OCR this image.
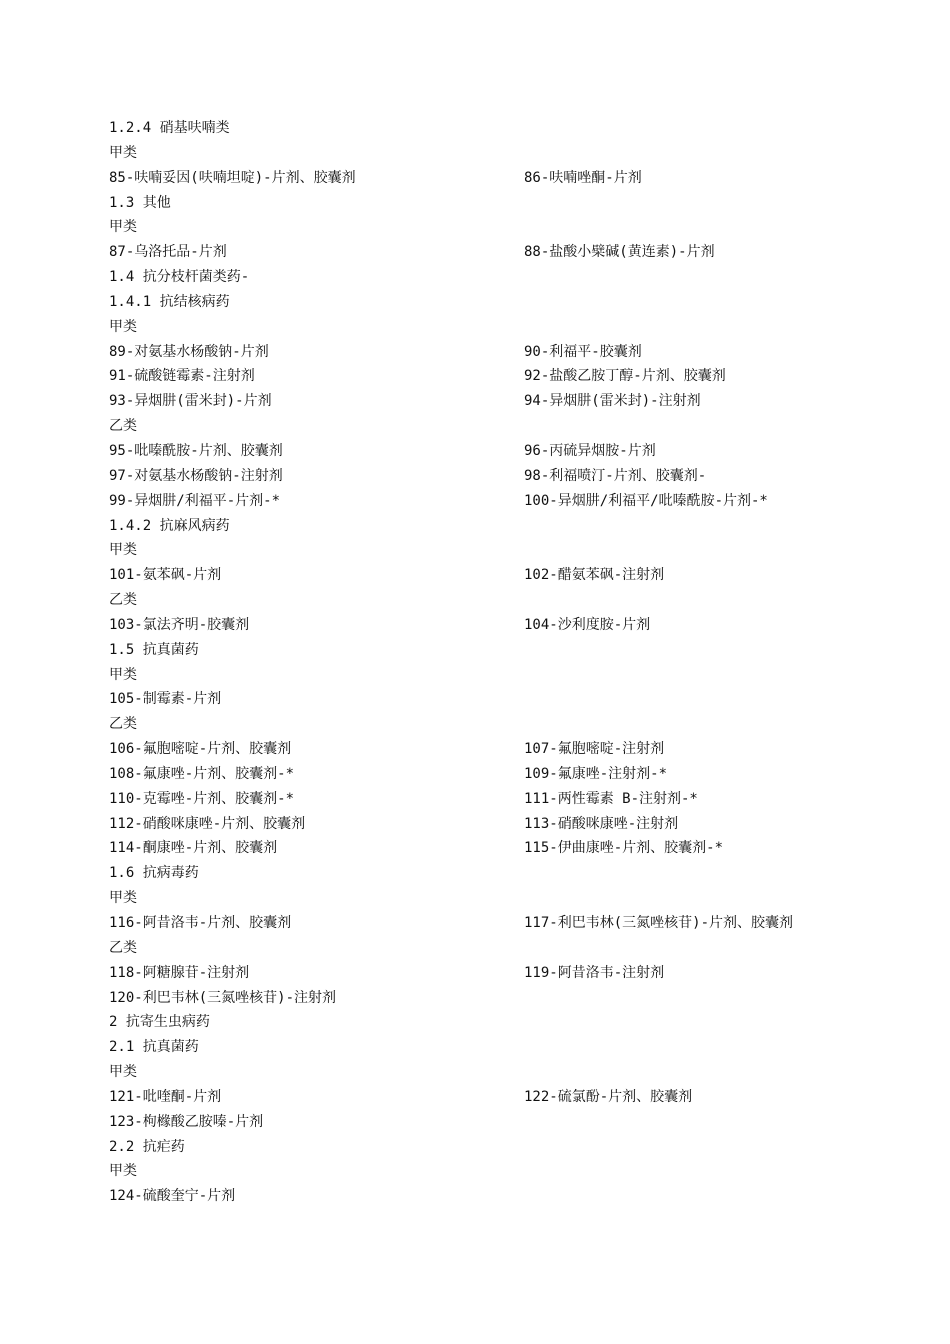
1.2.4 硝基呋喃类
甲类
85-呋喃妥因(呋喃坦啶)-片剂、胶囊剂	86-呋喃唑酮-片剂
1.3 其他
甲类
87-乌洛托品-片剂	88-盐酸小檗碱(黄连素)-片剂
1.4 抗分枝杆菌类药-
1.4.1 抗结核病药
甲类
89-对氨基水杨酸钠-片剂	90-利福平-胶囊剂
91-硫酸链霉素-注射剂	92-盐酸乙胺丁醇-片剂、胶囊剂
93-异烟肼(雷米封)-片剂	94-异烟肼(雷米封)-注射剂
乙类
95-吡嗪酰胺-片剂、胶囊剂	96-丙硫异烟胺-片剂
97-对氨基水杨酸钠-注射剂	98-利福喷汀-片剂、胶囊剂-
99-异烟肼/利福平-片剂-*	100-异烟肼/利福平/吡嗪酰胺-片剂-*
1.4.2 抗麻风病药
甲类
101-氨苯砜-片剂	102-醋氨苯砜-注射剂
乙类
103-氯法齐明-胶囊剂	104-沙利度胺-片剂
1.5 抗真菌药
甲类
105-制霉素-片剂
乙类
106-氟胞嘧啶-片剂、胶囊剂	107-氟胞嘧啶-注射剂
108-氟康唑-片剂、胶囊剂-*	109-氟康唑-注射剂-*
110-克霉唑-片剂、胶囊剂-*	111-两性霉素 B-注射剂-*
112-硝酸咪康唑-片剂、胶囊剂	113-硝酸咪康唑-注射剂
114-酮康唑-片剂、胶囊剂	115-伊曲康唑-片剂、胶囊剂-*
1.6 抗病毒药
甲类
116-阿昔洛韦-片剂、胶囊剂	117-利巴韦林(三氮唑核苷)-片剂、胶囊剂
乙类
118-阿糖腺苷-注射剂	119-阿昔洛韦-注射剂
120-利巴韦林(三氮唑核苷)-注射剂
2 抗寄生虫病药
2.1 抗真菌药
甲类
121-吡喹酮-片剂	122-硫氯酚-片剂、胶囊剂
123-枸橼酸乙胺嗪-片剂
2.2 抗疟药
甲类
124-硫酸奎宁-片剂
